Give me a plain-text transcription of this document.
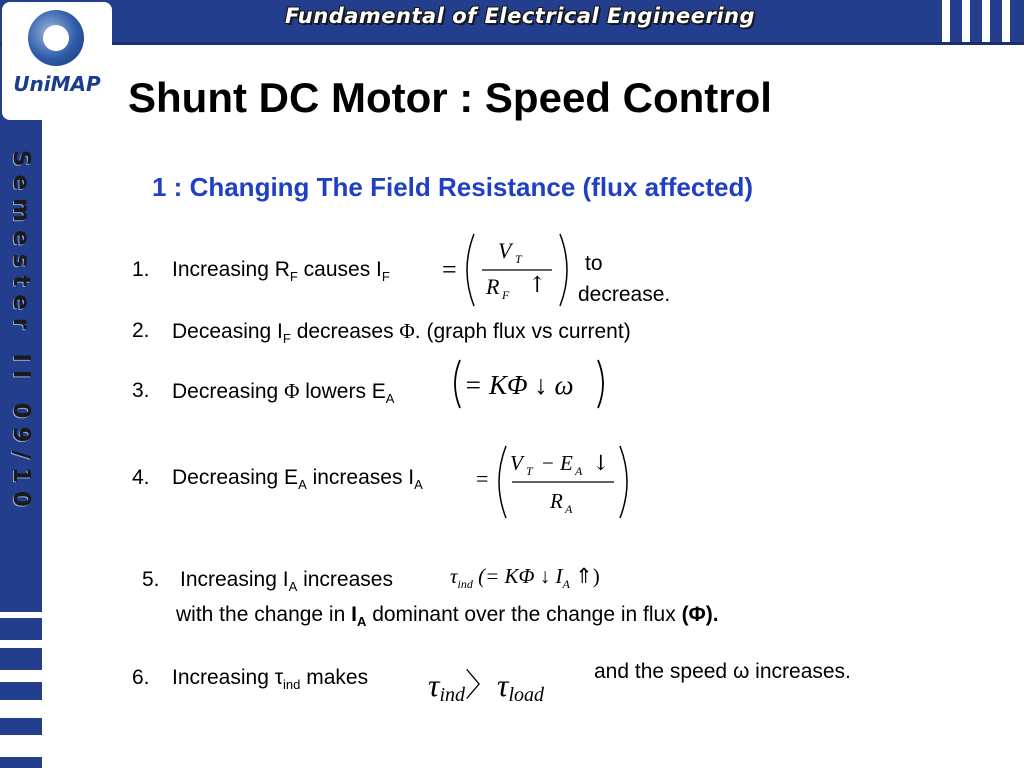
Fundamental of Electrical Engineering
Semester II 09/10
UniMAP Shunt DC Motor : Speed Control
1 : Changing The Field Resistance (flux affected)
1. Increasing $R_F$ causes $I_F$ =
V T
R F ↑
to
decrease.
2. Deceasing $I_F$ decreases Φ. (graph flux vs current)
3. Decreasing Φ lowers $E_A$	= KΦ ↓ ω
4. Decreasing $E_A$ increases $I_A$ =
V T − E A ↓
R A
5. Increasing $I_A$ increases	$\tau_{ind}$ (= KΦ ↓ $I_A$ ⇑)
with the change in $I_A$ dominant over the change in flux (Φ).
6. Increasing $\tau_{ind}$ makes $\tau_{ind}$〉$\tau_{load}$
and the speed ω increases.
